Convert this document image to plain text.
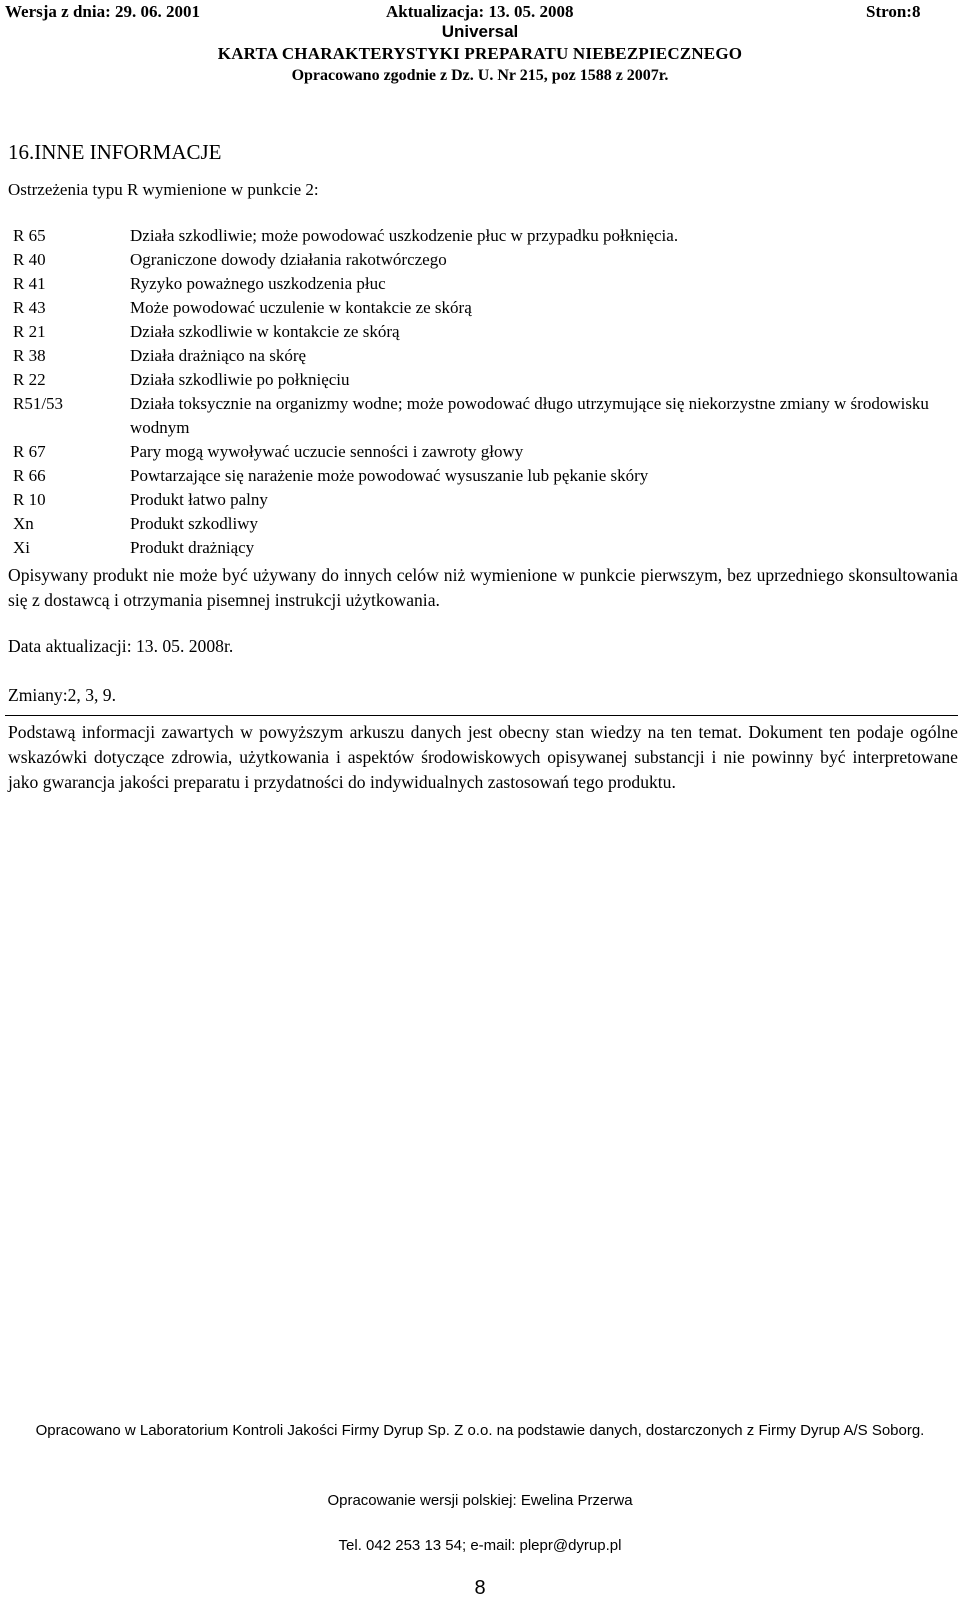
Wersja z dnia: 29. 06. 2001	Aktualizacja: 13. 05. 2008	Stron:8
Universal
KARTA CHARAKTERYSTYKI PREPARATU NIEBEZPIECZNEGO
Opracowano zgodnie z Dz. U. Nr 215, poz 1588 z 2007r.
16.INNE INFORMACJE
Ostrzeżenia typu R wymienione w punkcie 2:
R 65	Działa szkodliwie; może powodować uszkodzenie płuc w przypadku połknięcia.
R 40	Ograniczone dowody działania rakotwórczego
R 41	Ryzyko poważnego uszkodzenia płuc
R 43	Może powodować uczulenie w kontakcie ze skórą
R 21	Działa szkodliwie w kontakcie ze skórą
R 38	Działa drażniąco na skórę
R 22	Działa szkodliwie po połknięciu
R51/53	Działa toksycznie na organizmy wodne; może powodować długo utrzymujące się niekorzystne zmiany w środowisku wodnym
R 67	Pary mogą wywoływać uczucie senności i zawroty głowy
R 66	Powtarzające się narażenie może powodować wysuszanie lub pękanie skóry
R 10	Produkt łatwo palny
Xn	Produkt szkodliwy
Xi	Produkt drażniący
Opisywany produkt nie może być używany do innych celów niż wymienione w punkcie pierwszym, bez uprzedniego skonsultowania się z dostawcą i otrzymania pisemnej instrukcji użytkowania.
Data aktualizacji: 13. 05. 2008r.
Zmiany:2, 3, 9.
Podstawą informacji zawartych w powyższym arkuszu danych jest obecny stan wiedzy na ten temat. Dokument ten podaje ogólne wskazówki dotyczące zdrowia, użytkowania i aspektów środowiskowych opisywanej substancji i nie powinny być interpretowane jako gwarancja jakości preparatu i przydatności do indywidualnych zastosowań tego produktu.
Opracowano w Laboratorium Kontroli Jakości Firmy Dyrup Sp. Z o.o. na podstawie danych, dostarczonych z Firmy Dyrup A/S Soborg.
Opracowanie wersji polskiej: Ewelina Przerwa
Tel. 042 253 13 54; e-mail: plepr@dyrup.pl
8
